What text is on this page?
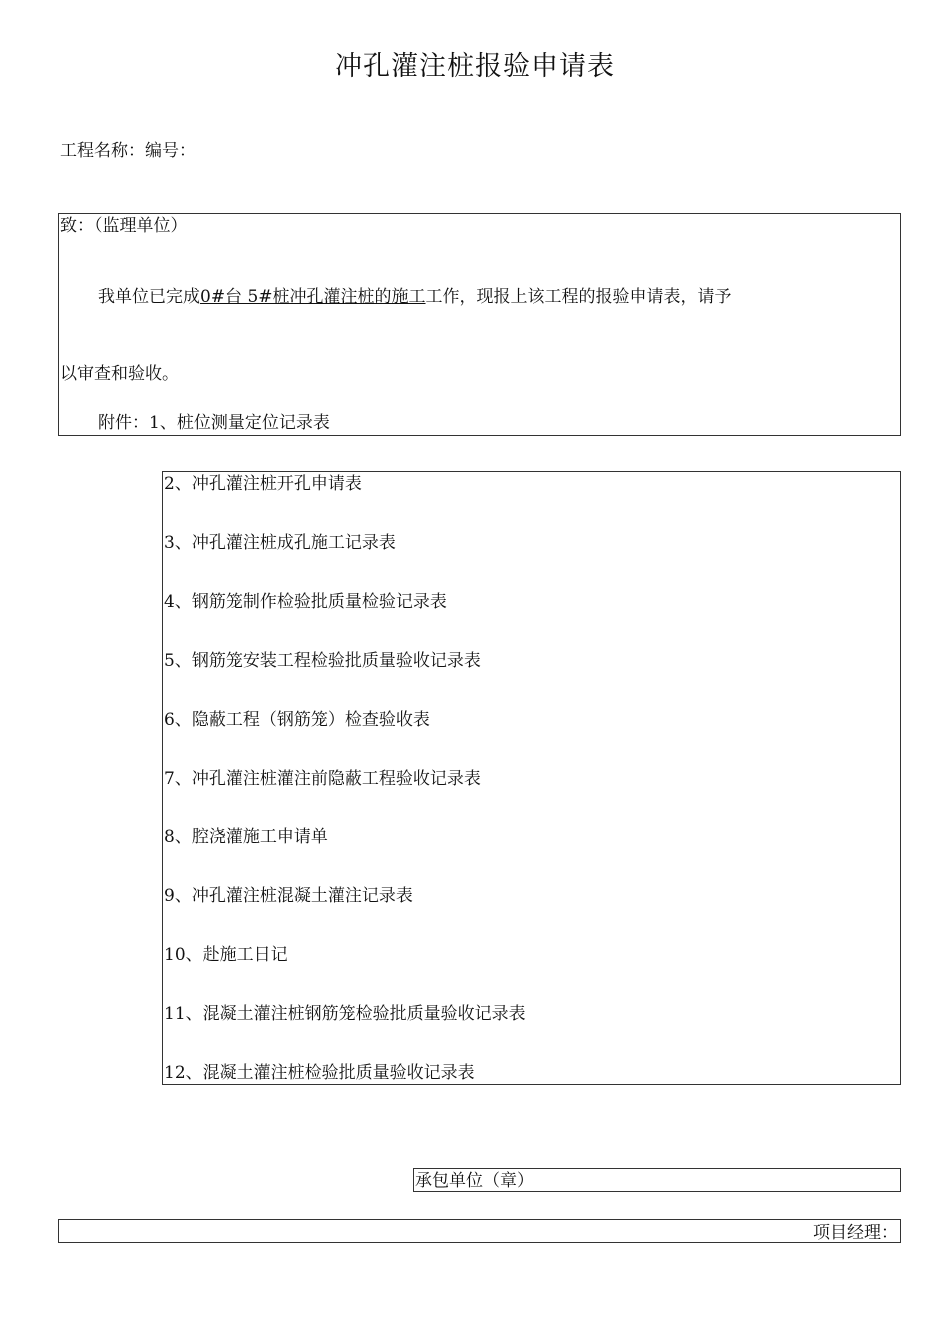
冲孔灌注桩报验申请表
工程名称：编号：
致：（监理单位）
我单位已完成0#台 5#桩冲孔灌注桩的施工工作，现报上该工程的报验申请表，请予
以审查和验收。
附件：1、桩位测量定位记录表
2、冲孔灌注桩开孔申请表
3、冲孔灌注桩成孔施工记录表
4、钢筋笼制作检验批质量检验记录表
5、钢筋笼安装工程检验批质量验收记录表
6、隐蔽工程（钢筋笼）检查验收表
7、冲孔灌注桩灌注前隐蔽工程验收记录表
8、腔浇灌施工申请单
9、冲孔灌注桩混凝土灌注记录表
10、赴施工日记
11、混凝土灌注桩钢筋笼检验批质量验收记录表
12、混凝土灌注桩检验批质量验收记录表
承包单位（章）
项目经理：
